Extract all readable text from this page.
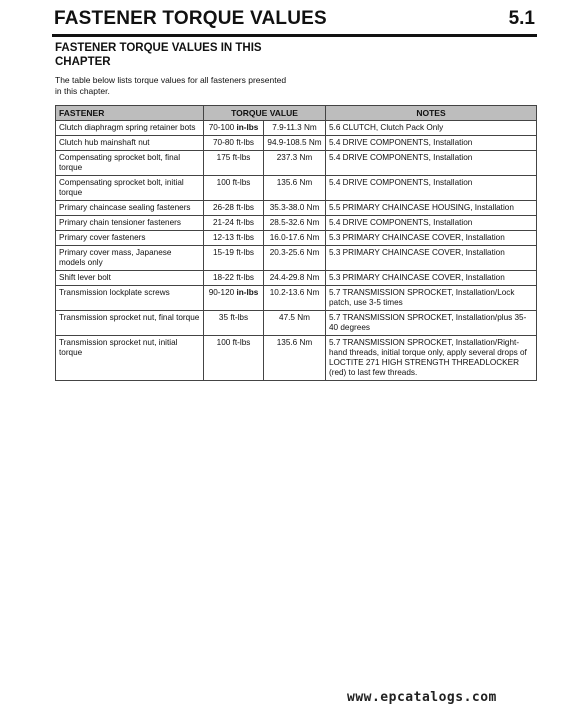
FASTENER TORQUE VALUES	5.1
FASTENER TORQUE VALUES IN THIS CHAPTER
The table below lists torque values for all fasteners presented in this chapter.
FASTENER	TORQUE VALUE		NOTES
Clutch diaphragm spring retainer bots	70-100 in-lbs	7.9-11.3 Nm	5.6 CLUTCH, Clutch Pack Only
Clutch hub mainshaft nut	70-80 ft-lbs	94.9-108.5 Nm	5.4 DRIVE COMPONENTS, Installation
Compensating sprocket bolt, final torque	175 ft-lbs	237.3 Nm	5.4 DRIVE COMPONENTS, Installation
Compensating sprocket bolt, initial torque	100 ft-lbs	135.6 Nm	5.4 DRIVE COMPONENTS, Installation
Primary chaincase sealing fasteners	26-28 ft-lbs	35.3-38.0 Nm	5.5 PRIMARY CHAINCASE HOUSING, Installation
Primary chain tensioner fasteners	21-24 ft-lbs	28.5-32.6 Nm	5.4 DRIVE COMPONENTS, Installation
Primary cover fasteners	12-13 ft-lbs	16.0-17.6 Nm	5.3 PRIMARY CHAINCASE COVER, Installation
Primary cover mass, Japanese models only	15-19 ft-lbs	20.3-25.6 Nm	5.3 PRIMARY CHAINCASE COVER, Installation
Shift lever bolt	18-22 ft-lbs	24.4-29.8 Nm	5.3 PRIMARY CHAINCASE COVER, Installation
Transmission lockplate screws	90-120 in-lbs	10.2-13.6 Nm	5.7 TRANSMISSION SPROCKET, Installation/Lock patch, use 3-5 times
Transmission sprocket nut, final torque	35 ft-lbs	47.5 Nm	5.7 TRANSMISSION SPROCKET, Installation/plus 35-40 degrees
Transmission sprocket nut, initial torque	100 ft-lbs	135.6 Nm	5.7 TRANSMISSION SPROCKET, Installation/Right-hand threads, initial torque only, apply several drops of LOCTITE 271 HIGH STRENGTH THREADLOCKER (red) to last few threads.
www.epcatalogs.com
